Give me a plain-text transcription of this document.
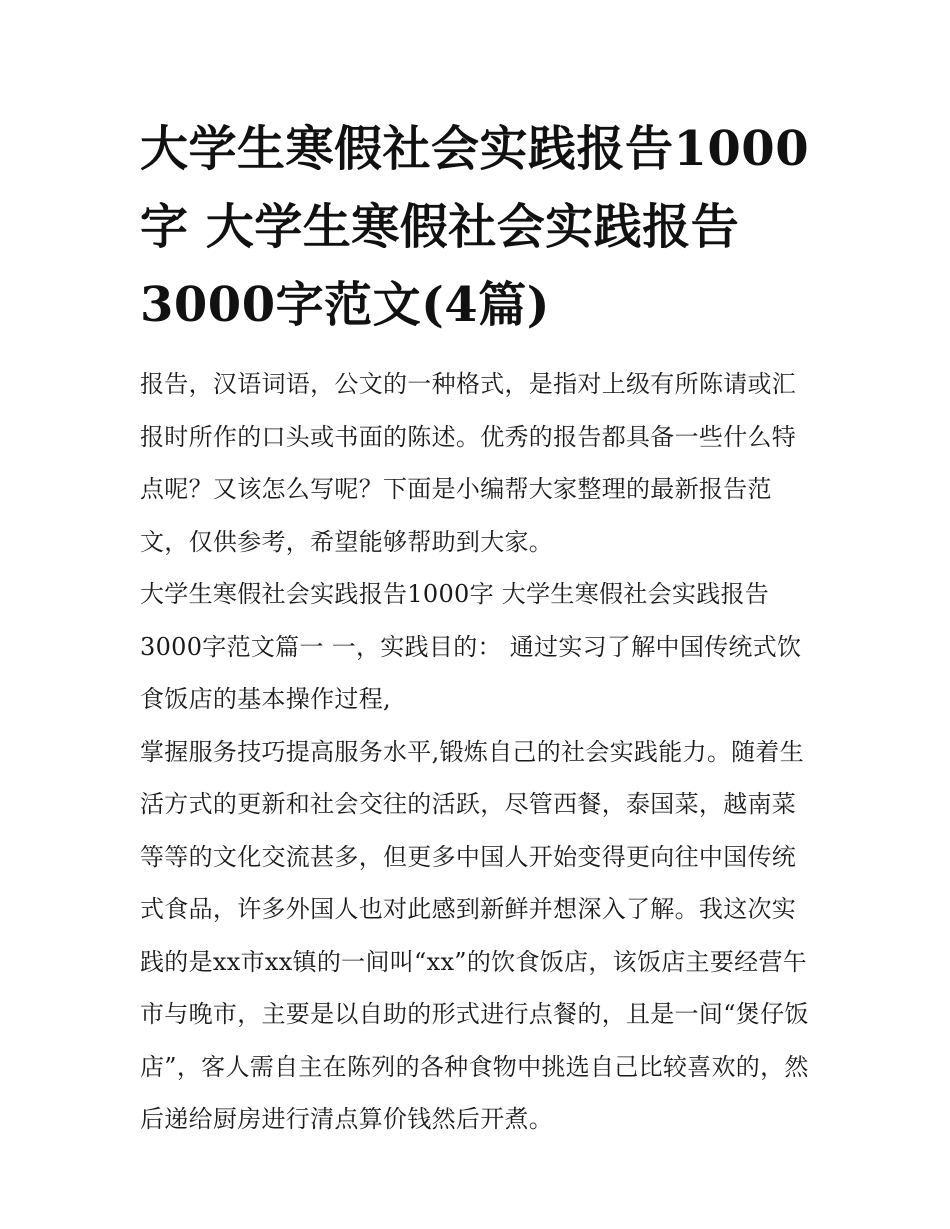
大学生寒假社会实践报告1000字 大学生寒假社会实践报告3000字范文(4篇)

报告，汉语词语，公文的一种格式，是指对上级有所陈请或汇报时所作的口头或书面的陈述。优秀的报告都具备一些什么特点呢？又该怎么写呢？下面是小编帮大家整理的最新报告范文，仅供参考，希望能够帮助到大家。

大学生寒假社会实践报告1000字 大学生寒假社会实践报告3000字范文篇一 一，实践目的： 通过实习了解中国传统式饮食饭店的基本操作过程,

掌握服务技巧提高服务水平,锻炼自己的社会实践能力。随着生活方式的更新和社会交往的活跃，尽管西餐，泰国菜，越南菜等等的文化交流甚多，但更多中国人开始变得更向往中国传统式食品，许多外国人也对此感到新鲜并想深入了解。我这次实践的是xx市xx镇的一间叫“xx”的饮食饭店，该饭店主要经营午市与晚市，主要是以自助的形式进行点餐的，且是一间“煲仔饭店”，客人需自主在陈列的各种食物中挑选自己比较喜欢的，然后递给厨房进行清点算价钱然后开煮。
